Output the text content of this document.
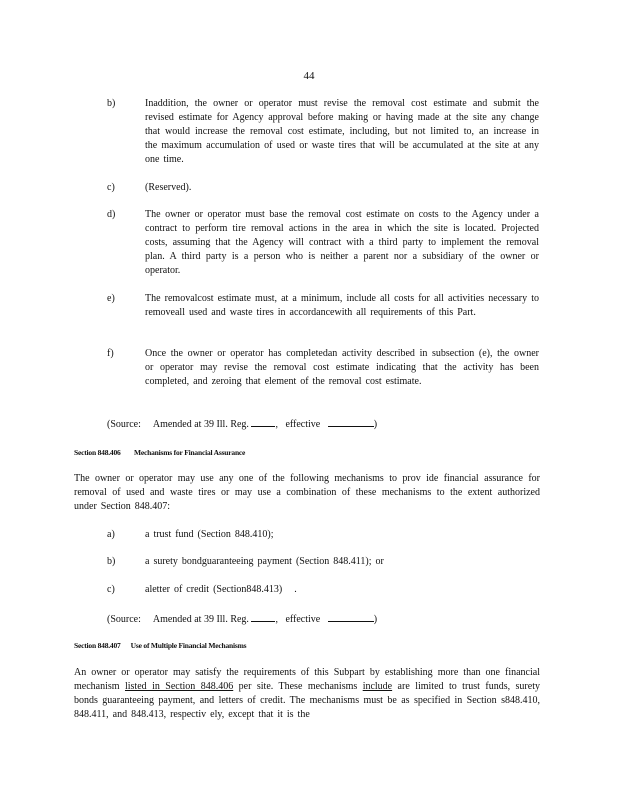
44
b)	Inaddition, the owner or operator must revise the removal cost estimate and submit the revised estimate for Agency approval before making or having made at the site any change that would increase the removal cost estimate, including, but not limited to, an increase in the maximum accumulation of used or waste tires that will be accumulated at the site at any one time.
c)	(Reserved).
d)	The owner or operator must base the removal cost estimate on costs to the Agency under a contract to perform tire removal actions in the area in which the site is located. Projected costs, assuming that the Agency will contract with a third party to implement the removal plan. A third party is a person who is neither a parent nor a subsidiary of the owner or operator.
e)	The removalcost estimate must, at a minimum, include all costs for all activities necessary to removeall used and waste tires in accordancewith all requirements of this Part.
f)	Once the owner or operator has completedan activity described in subsection (e), the owner or operator may revise the removal cost estimate indicating that the activity has been completed, and zeroing that element of the removal cost estimate.
(Source: Amended at 39 Ill. Reg.	, effective	)
Section 848.406 Mechanisms for Financial Assurance
The owner or operator may use any one of the following mechanisms to prov ide financial assurance for removal of used and waste tires or may use a combination of these mechanisms to the extent authorized under Section 848.407:
a)	a trust fund (Section 848.410);
b)	a surety bondguaranteeing payment (Section 848.411); or
c)	aletter of credit (Section848.413)   .
(Source: Amended at 39 Ill. Reg.	, effective	)
Section 848.407 Use of Multiple Financial Mechanisms
An owner or operator may satisfy the requirements of this Subpart by establishing more than one financial mechanism listed in Section 848.406 per site. These mechanisms include are limited to trust funds, surety bonds guaranteeing payment, and letters of credit. The mechanisms must be as specified in Section s848.410, 848.411, and 848.413, respectiv ely, except that it is the
